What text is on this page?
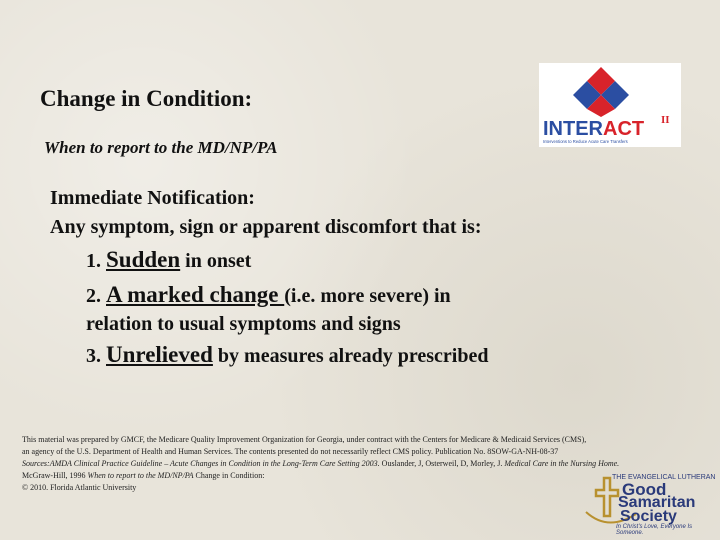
Change in Condition:
When to report to the MD/NP/PA
INTERACT II
Interventions to Reduce Acute Care Transfers
Immediate Notification:
Any symptom, sign or apparent discomfort that is:
1. Sudden in onset
2. A marked change (i.e. more severe) in
relation to usual symptoms and signs
3. Unrelieved by measures already prescribed
This material was prepared by GMCF, the Medicare Quality Improvement Organization for Georgia, under contract with the Centers for Medicare & Medicaid Services (CMS),
an agency of the U.S. Department of Health and Human Services. The contents presented do not necessarily reflect CMS policy. Publication No. 8SOW-GA-NH-08-37
Sources:AMDA Clinical Practice Guideline – Acute Changes in Condition in the Long-Term Care Setting 2003. Ouslander, J, Osterweil, D, Morley, J. Medical Care in the Nursing Home.
McGraw-Hill, 1996 When to report to the MD/NP/PA Change in Condition:
© 2010. Florida Atlantic University
THE EVANGELICAL LUTHERAN
Good
Samaritan
Society
In Christ's Love, Everyone Is Someone.
